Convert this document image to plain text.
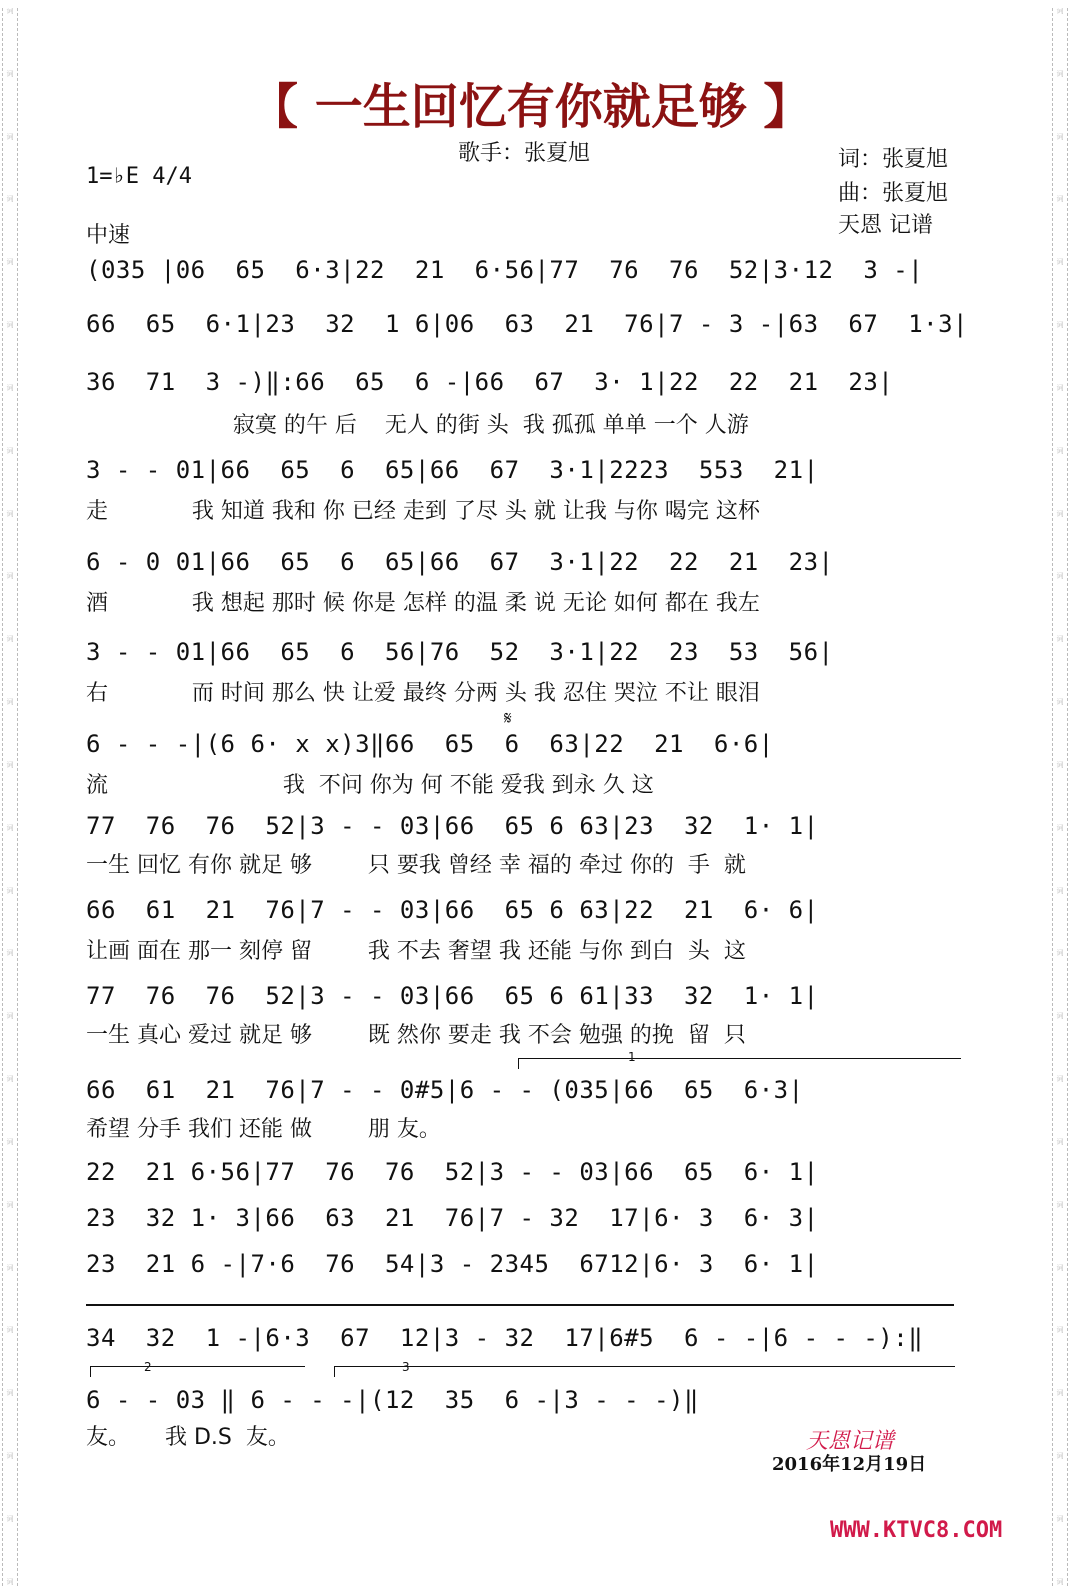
词
词
词
词
词
词
词
词
词
词
词
词
词
词
词
词
词
词
词
词
词
词
词
词
词
词
词
词
词
词
词
词
词
词
词
词
词
词
词
词
词
词
词
词
词
词
词
词
词
词
词
词
【 一生回忆有你就足够 】
歌手：张夏旭	词：张夏旭
曲：张夏旭
天恩 记谱
1=♭E 4/4
中速
(035 |06  65  6·3|22  21  6·56|77  76  76  52|3·12  3 -|
66  65  6·1|23  32  1 6|06  63  21  76|7 - 3 -|63  67  1·3|
36  71  3 -)‖:66  65  6 -|66  67  3· 1|22  22  21  23|
寂寞 的午 后    无人 的街 头  我 孤孤 单单 一个 人游
3 - - 01|66  65  6  65|66  67  3·1|2223  553  21|
走            我 知道 我和 你 已经 走到 了尽 头 就 让我 与你 喝完 这杯
6 - 0 01|66  65  6  65|66  67  3·1|22  22  21  23|
酒            我 想起 那时 候 你是 怎样 的温 柔 说 无论 如何 都在 我左
3 - - 01|66  65  6  56|76  52  3·1|22  23  53  56|
右            而 时间 那么 快 让爱 最终 分两 头 我 忍住 哭泣 不让 眼泪
𝄋
6 - - -|(6 6· x x)3‖66  65  6  63|22  21  6·6|
流                         我  不问 你为 何 不能 爱我 到永 久 这
77  76  76  52|3 - - 03|66  65 6 63|23  32  1· 1|
一生 回忆 有你 就足 够        只 要我 曾经 幸 福的 牵过 你的  手  就
66  61  21  76|7 - - 03|66  65 6 63|22  21  6· 6|
让画 面在 那一 刻停 留        我 不去 奢望 我 还能 与你 到白  头  这
77  76  76  52|3 - - 03|66  65 6 61|33  32  1· 1|
一生 真心 爱过 就足 够        既 然你 要走 我 不会 勉强 的挽  留  只
1
66  61  21  76|7 - - 0#5|6 - - (035|66  65  6·3|
希望 分手 我们 还能 做        朋 友。
22  21 6·56|77  76  76  52|3 - - 03|66  65  6· 1|
23  32 1· 3|66  63  21  76|7 - 32  17|6· 3  6· 3|
23  21 6 -|7·6  76  54|3 - 2345  6712|6· 3  6· 1|
34  32  1 -|6·3  67  12|3 - 32  17|6#5  6 - -|6 - - -):‖
2	3
6 - - 03 ‖ 6 - - -|(12  35  6 -|3 - - -)‖
友。     我 D.S  友。	天恩记谱
2016年12月19日
WWW.KTVC8.COM
